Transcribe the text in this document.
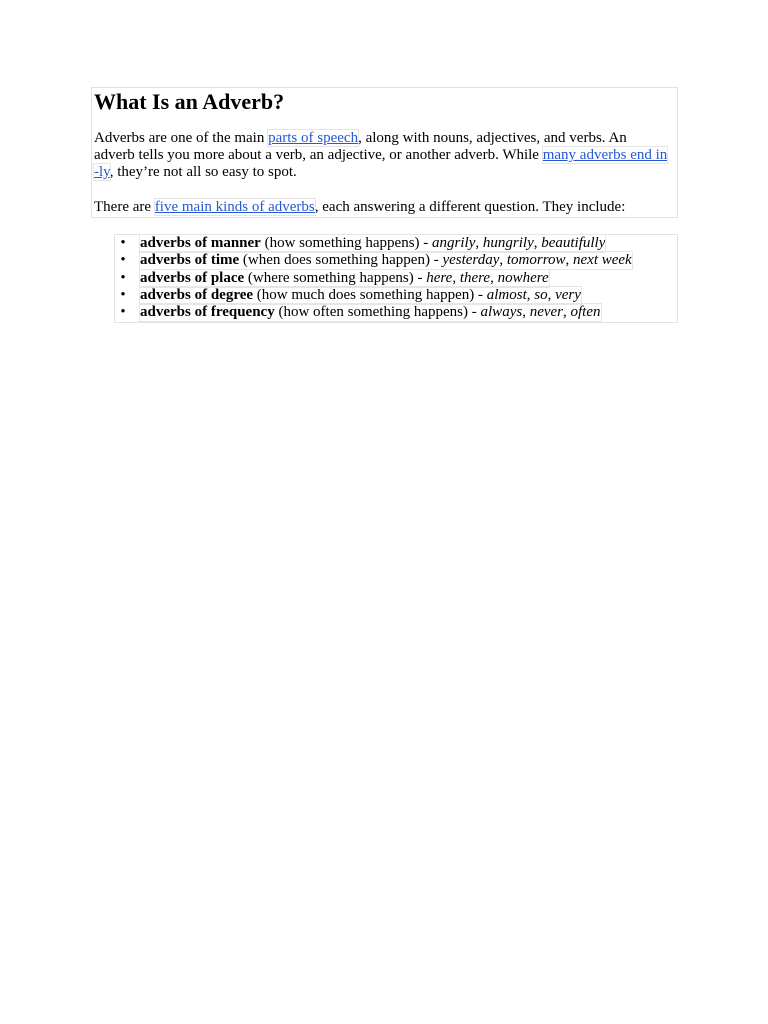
What Is an Adverb?

Adverbs are one of the main parts of speech, along with nouns, adjectives, and verbs. An adverb tells you more about a verb, an adjective, or another adverb. While many adverbs end in -ly, they’re not all so easy to spot.

There are five main kinds of adverbs, each answering a different question. They include:

• adverbs of manner (how something happens) - angrily, hungrily, beautifully
• adverbs of time (when does something happen) - yesterday, tomorrow, next week
• adverbs of place (where something happens) - here, there, nowhere
• adverbs of degree (how much does something happen) - almost, so, very
• adverbs of frequency (how often something happens) - always, never, often
